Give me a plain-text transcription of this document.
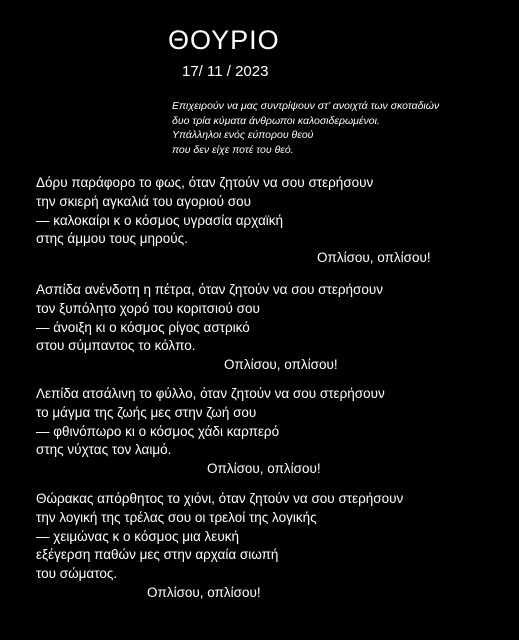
ΘΟΥΡΙΟ
17/ 11 / 2023
Επιχειρούν να μας συντρίψουν στ’ ανοιχτά των σκοταδιών
δυο τρία κύματα άνθρωποι καλοσιδερωμένοι.
Υπάλληλοι ενός εύπορου θεού
που δεν είχε ποτέ του θεό.
Δόρυ παράφορο το φως, όταν ζητούν να σου στερήσουν
την σκιερή αγκαλιά του αγοριού σου
— καλοκαίρι κ ο κόσμος υγρασία αρχαϊκή
στης άμμου τους μηρούς.
Οπλίσου, οπλίσου!
Ασπίδα ανένδοτη η πέτρα, όταν ζητούν να σου στερήσουν
τον ξυπόλητο χορό του κοριτσιού σου
— άνοιξη κι ο κόσμος ρίγος αστρικό
στου σύμπαντος το κόλπο.
Οπλίσου, οπλίσου!
Λεπίδα ατσάλινη το φύλλο, όταν ζητούν να σου στερήσουν
το μάγμα της ζωής μες στην ζωή σου
— φθινόπωρο κι ο κόσμος χάδι καρπερό
στης νύχτας τον λαιμό.
Οπλίσου, οπλίσου!
Θώρακας απόρθητος το χιόνι, όταν ζητούν να σου στερήσουν
την λογική της τρέλας σου οι τρελοί της λογικής
— χειμώνας κ ο κόσμος μια λευκή
εξέγερση παθών μες στην αρχαία σιωπή
του σώματος.
Οπλίσου, οπλίσου!
